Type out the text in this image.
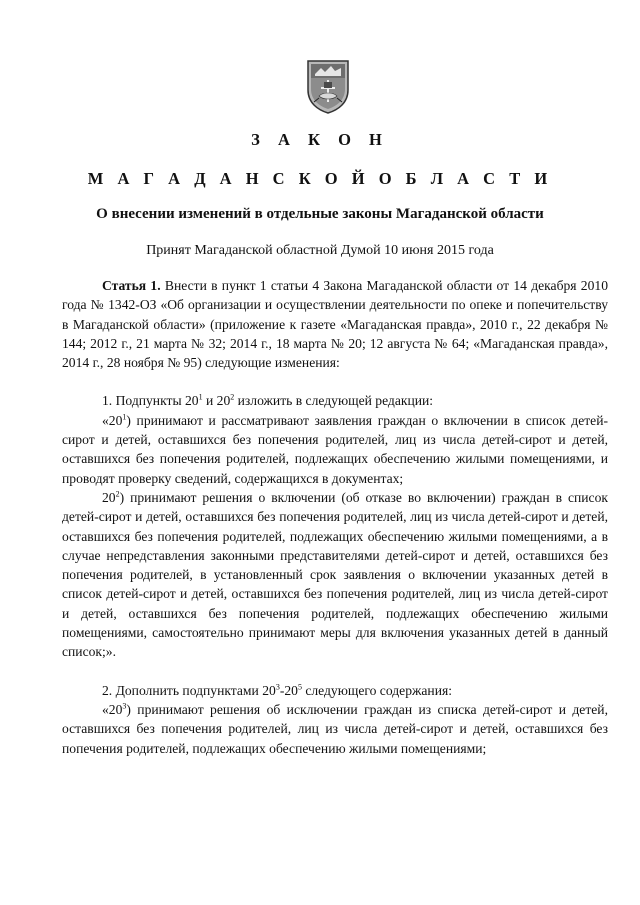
З А К О Н
М А Г А Д А Н С К О Й О Б Л А С Т И
О внесении изменений в отдельные законы Магаданской области
Принят Магаданской областной Думой 10 июня 2015 года

Статья 1. Внести в пункт 1 статьи 4 Закона Магаданской области от 14 декабря 2010 года № 1342-ОЗ «Об организации и осуществлении деятельности по опеке и попечительству в Магаданской области» (приложение к газете «Магаданская правда», 2010 г., 22 декабря № 144; 2012 г., 21 марта № 32; 2014 г., 18 марта № 20; 12 августа № 64; «Магаданская правда», 2014 г., 28 ноября № 95) следующие изменения:

1. Подпункты $20^1$ и $20^2$ изложить в следующей редакции:

«$20^1$) принимают и рассматривают заявления граждан о включении в список детей-сирот и детей, оставшихся без попечения родителей, лиц из числа детей-сирот и детей, оставшихся без попечения родителей, подлежащих обеспечению жилыми помещениями, и проводят проверку сведений, содержащихся в документах;

$20^2$) принимают решения о включении (об отказе во включении) граждан в список детей-сирот и детей, оставшихся без попечения родителей, лиц из числа детей-сирот и детей, оставшихся без попечения родителей, подлежащих обеспечению жилыми помещениями, а в случае непредставления законными представителями детей-сирот и детей, оставшихся без попечения родителей, в установленный срок заявления о включении указанных детей в список детей-сирот и детей, оставшихся без попечения родителей, лиц из числа детей-сирот и детей, оставшихся без попечения родителей, подлежащих обеспечению жилыми помещениями, самостоятельно принимают меры для включения указанных детей в данный список;».

2. Дополнить подпунктами $20^3-20^5$ следующего содержания:

«$20^3$) принимают решения об исключении граждан из списка детей-сирот и детей, оставшихся без попечения родителей, лиц из числа детей-сирот и детей, оставшихся без попечения родителей, подлежащих обеспечению жилыми помещениями;
